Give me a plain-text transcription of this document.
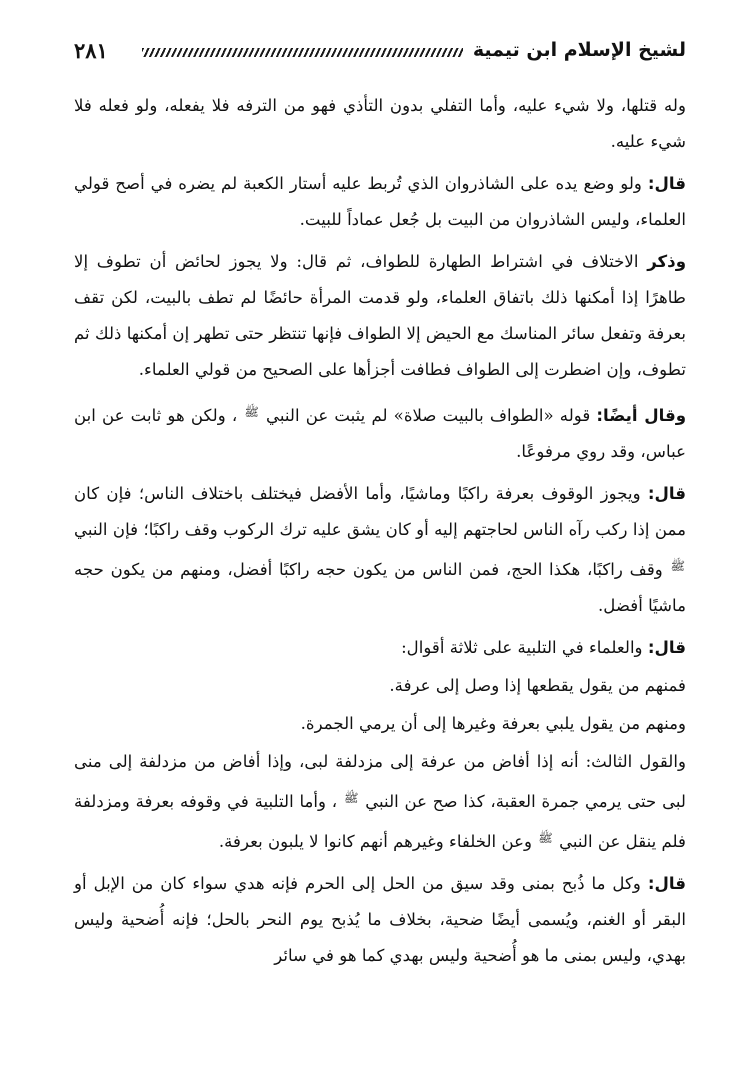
٢٨١	لشيخ الإسلام ابن تيمية

وله قتلها، ولا شيء عليه، وأما التفلي بدون التأذي فهو من الترفه فلا يفعله، ولو فعله فلا شيء عليه.

قال: ولو وضع يده على الشاذروان الذي تُربط عليه أستار الكعبة لم يضره في أصح قولي العلماء، وليس الشاذروان من البيت بل جُعل عماداً للبيت.

وذكر الاختلاف في اشتراط الطهارة للطواف، ثم قال: ولا يجوز لحائض أن تطوف إلا طاهرًا إذا أمكنها ذلك باتفاق العلماء، ولو قدمت المرأة حائضًا لم تطف بالبيت، لكن تقف بعرفة وتفعل سائر المناسك مع الحيض إلا الطواف فإنها تنتظر حتى تطهر إن أمكنها ذلك ثم تطوف، وإن اضطرت إلى الطواف فطافت أجزأها على الصحيح من قولي العلماء.

وقال أيضًا: قوله «الطواف بالبيت صلاة» لم يثبت عن النبي $^ﷺ$ ، ولكن هو ثابت عن ابن عباس، وقد روي مرفوعًا.

قال: ويجوز الوقوف بعرفة راكبًا وماشيًا، وأما الأفضل فيختلف باختلاف الناس؛ فإن كان ممن إذا ركب رآه الناس لحاجتهم إليه أو كان يشق عليه ترك الركوب وقف راكبًا؛ فإن النبي $^ﷺ$ وقف راكبًا، هكذا الحج، فمن الناس من يكون حجه راكبًا أفضل، ومنهم من يكون حجه ماشيًا أفضل.

قال: والعلماء في التلبية على ثلاثة أقوال:

فمنهم من يقول يقطعها إذا وصل إلى عرفة.

ومنهم من يقول يلبي بعرفة وغيرها إلى أن يرمي الجمرة.

والقول الثالث: أنه إذا أفاض من عرفة إلى مزدلفة لبى، وإذا أفاض من مزدلفة إلى منى لبى حتى يرمي جمرة العقبة، كذا صح عن النبي $^ﷺ$ ، وأما التلبية في وقوفه بعرفة ومزدلفة فلم ينقل عن النبي $^ﷺ$ وعن الخلفاء وغيرهم أنهم كانوا لا يلبون بعرفة.

قال: وكل ما ذُبح بمنى وقد سيق من الحل إلى الحرم فإنه هدي سواء كان من الإبل أو البقر أو الغنم، ويُسمى أيضًا ضحية، بخلاف ما يُذبح يوم النحر بالحل؛ فإنه أُضحية وليس بهدي، وليس بمنى ما هو أُضحية وليس بهدي كما هو في سائر
